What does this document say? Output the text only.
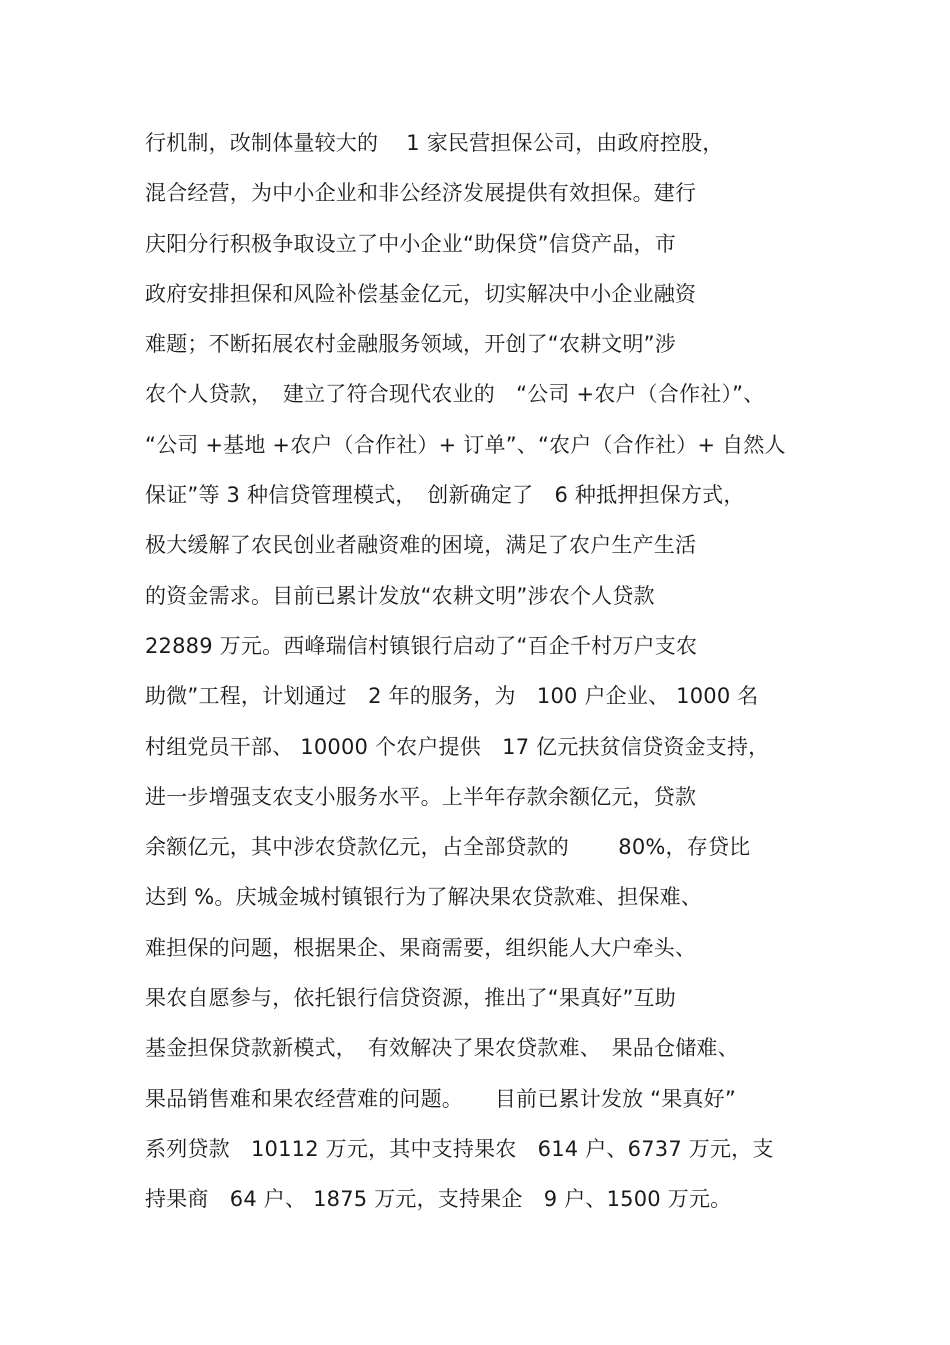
行机制，改制体量较大的　 1 家民营担保公司，由政府控股，
混合经营，为中小企业和非公经济发展提供有效担保。建行
庆阳分行积极争取设立了中小企业“助保贷”信贷产品，市
政府安排担保和风险补偿基金亿元，切实解决中小企业融资
难题；不断拓展农村金融服务领域，开创了“农耕文明”涉
农个人贷款，　建立了符合现代农业的　“公司 +农户（合作社）”、
“公司 +基地 +农户（合作社）+ 订单”、“农户（合作社）+ 自然人
保证”等 3 种信贷管理模式，　创新确定了　6 种抵押担保方式，
极大缓解了农民创业者融资难的困境，满足了农户生产生活
的资金需求。目前已累计发放“农耕文明”涉农个人贷款
22889 万元。西峰瑞信村镇银行启动了“百企千村万户支农
助微”工程，计划通过　2 年的服务，为　100 户企业、 1000 名
村组党员干部、 10000 个农户提供　17 亿元扶贫信贷资金支持，
进一步增强支农支小服务水平。上半年存款余额亿元，贷款
余额亿元，其中涉农贷款亿元，占全部贷款的　　 80%，存贷比
达到 %。庆城金城村镇银行为了解决果农贷款难、担保难、
难担保的问题，根据果企、果商需要，组织能人大户牵头、
果农自愿参与，依托银行信贷资源，推出了“果真好”互助
基金担保贷款新模式，　有效解决了果农贷款难、　果品仓储难、
果品销售难和果农经营难的问题。　　目前已累计发放 “果真好”
系列贷款　10112 万元，其中支持果农　614 户、6737 万元，支
持果商　64 户、 1875 万元，支持果企　9 户、1500 万元。
